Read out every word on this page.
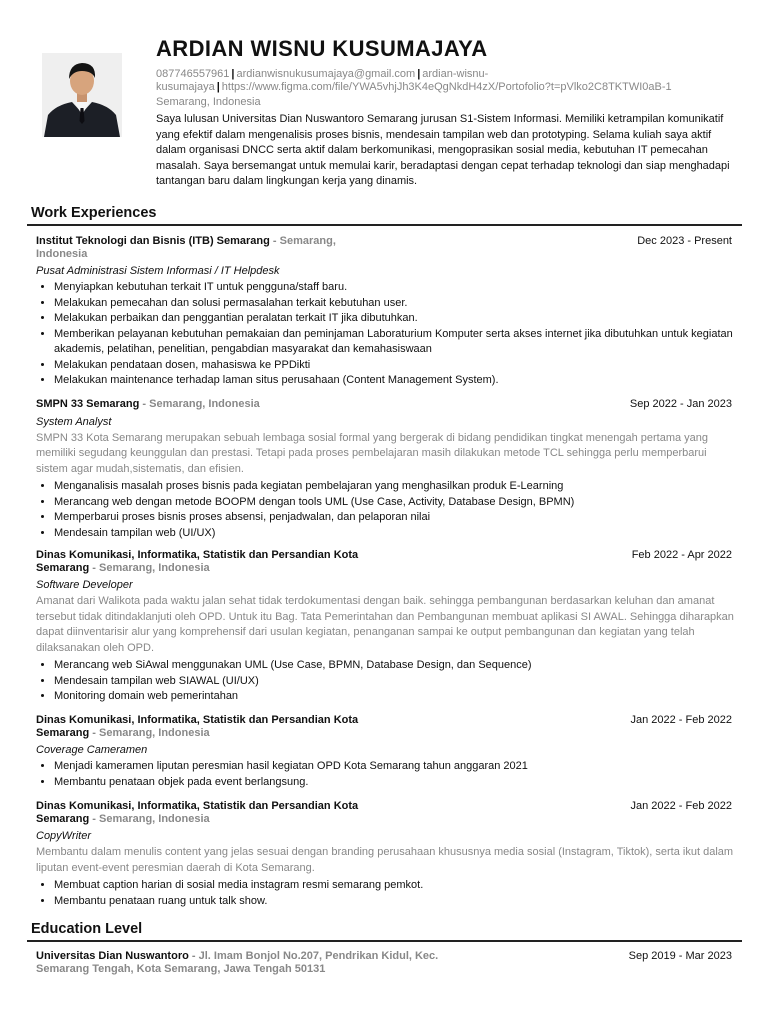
ARDIAN WISNU KUSUMAJAYA
087746557961 | ardianwisnukusumajaya@gmail.com | ardian-wisnu-kusumajaya | https://www.figma.com/file/YWA5vhjJh3K4eQgNkdH4zX/Portofolio?t=pVlko2C8TKTWI0aB-1
Semarang, Indonesia
Saya lulusan Universitas Dian Nuswantoro Semarang jurusan S1-Sistem Informasi. Memiliki ketrampilan komunikatif yang efektif dalam mengenalisis proses bisnis, mendesain tampilan web dan prototyping. Selama kuliah saya aktif dalam organisasi DNCC serta aktif dalam berkomunikasi, mengoprasikan sosial media, kebutuhan IT pemecahan masalah. Saya bersemangat untuk memulai karir, beradaptasi dengan cepat terhadap teknologi dan siap menghadapi tantangan baru dalam lingkungan kerja yang dinamis.
Work Experiences
Institut Teknologi dan Bisnis (ITB) Semarang - Semarang, Indonesia
Dec 2023 - Present
Pusat Administrasi Sistem Informasi / IT Helpdesk
• Menyiapkan kebutuhan terkait IT untuk pengguna/staff baru.
• Melakukan pemecahan dan solusi permasalahan terkait kebutuhan user.
• Melakukan perbaikan dan penggantian peralatan terkait IT jika dibutuhkan.
• Memberikan pelayanan kebutuhan pemakaian dan peminjaman Laboraturium Komputer serta akses internet jika dibutuhkan untuk kegiatan akademis, pelatihan, penelitian, pengabdian masyarakat dan kemahasiswaan
• Melakukan pendataan dosen, mahasiswa ke PPDikti
• Melakukan maintenance terhadap laman situs perusahaan (Content Management System).
SMPN 33 Semarang - Semarang, Indonesia	Sep 2022 - Jan 2023
System Analyst
SMPN 33 Kota Semarang merupakan sebuah lembaga sosial formal yang bergerak di bidang pendidikan tingkat menengah pertama yang memiliki segudang keunggulan dan prestasi. Tetapi pada proses pembelajaran masih dilakukan metode TCL sehingga perlu memperbarui sistem agar mudah,sistematis, dan efisien.
• Menganalisis masalah proses bisnis pada kegiatan pembelajaran yang menghasilkan produk E-Learning
• Merancang web dengan metode BOOPM dengan tools UML (Use Case, Activity, Database Design, BPMN)
• Memperbarui proses bisnis proses absensi, penjadwalan, dan pelaporan nilai
• Mendesain tampilan web (UI/UX)
Dinas Komunikasi, Informatika, Statistik dan Persandian Kota Semarang - Semarang, Indonesia
Feb 2022 - Apr 2022
Software Developer
Amanat dari Walikota pada waktu jalan sehat tidak terdokumentasi dengan baik. sehingga pembangunan berdasarkan keluhan dan amanat tersebut tidak ditindaklanjuti oleh OPD. Untuk itu Bag. Tata Pemerintahan dan Pembangunan membuat aplikasi SI AWAL. Sehingga diharapkan dapat diinventarisir alur yang komprehensif dari usulan kegiatan, penanganan sampai ke output pembangunan dan kegiatan yang telah dilaksanakan oleh OPD.
• Merancang web SiAwal menggunakan UML (Use Case, BPMN, Database Design, dan Sequence)
• Mendesain tampilan web SIAWAL (UI/UX)
• Monitoring domain web pemerintahan
Dinas Komunikasi, Informatika, Statistik dan Persandian Kota Semarang - Semarang, Indonesia
Jan 2022 - Feb 2022
Coverage Cameramen
• Menjadi kameramen liputan peresmian hasil kegiatan OPD Kota Semarang tahun anggaran 2021
• Membantu penataan objek pada event berlangsung.
Dinas Komunikasi, Informatika, Statistik dan Persandian Kota Semarang - Semarang, Indonesia
Jan 2022 - Feb 2022
CopyWriter
Membantu dalam menulis content yang jelas sesuai dengan branding perusahaan khususnya media sosial (Instagram, Tiktok), serta ikut dalam liputan event-event peresmian daerah di Kota Semarang.
• Membuat caption harian di sosial media instagram resmi semarang pemkot.
• Membantu penataan ruang untuk talk show.
Education Level
Universitas Dian Nuswantoro - Jl. Imam Bonjol No.207, Pendrikan Kidul, Kec. Semarang Tengah, Kota Semarang, Jawa Tengah 50131
Sep 2019 - Mar 2023
